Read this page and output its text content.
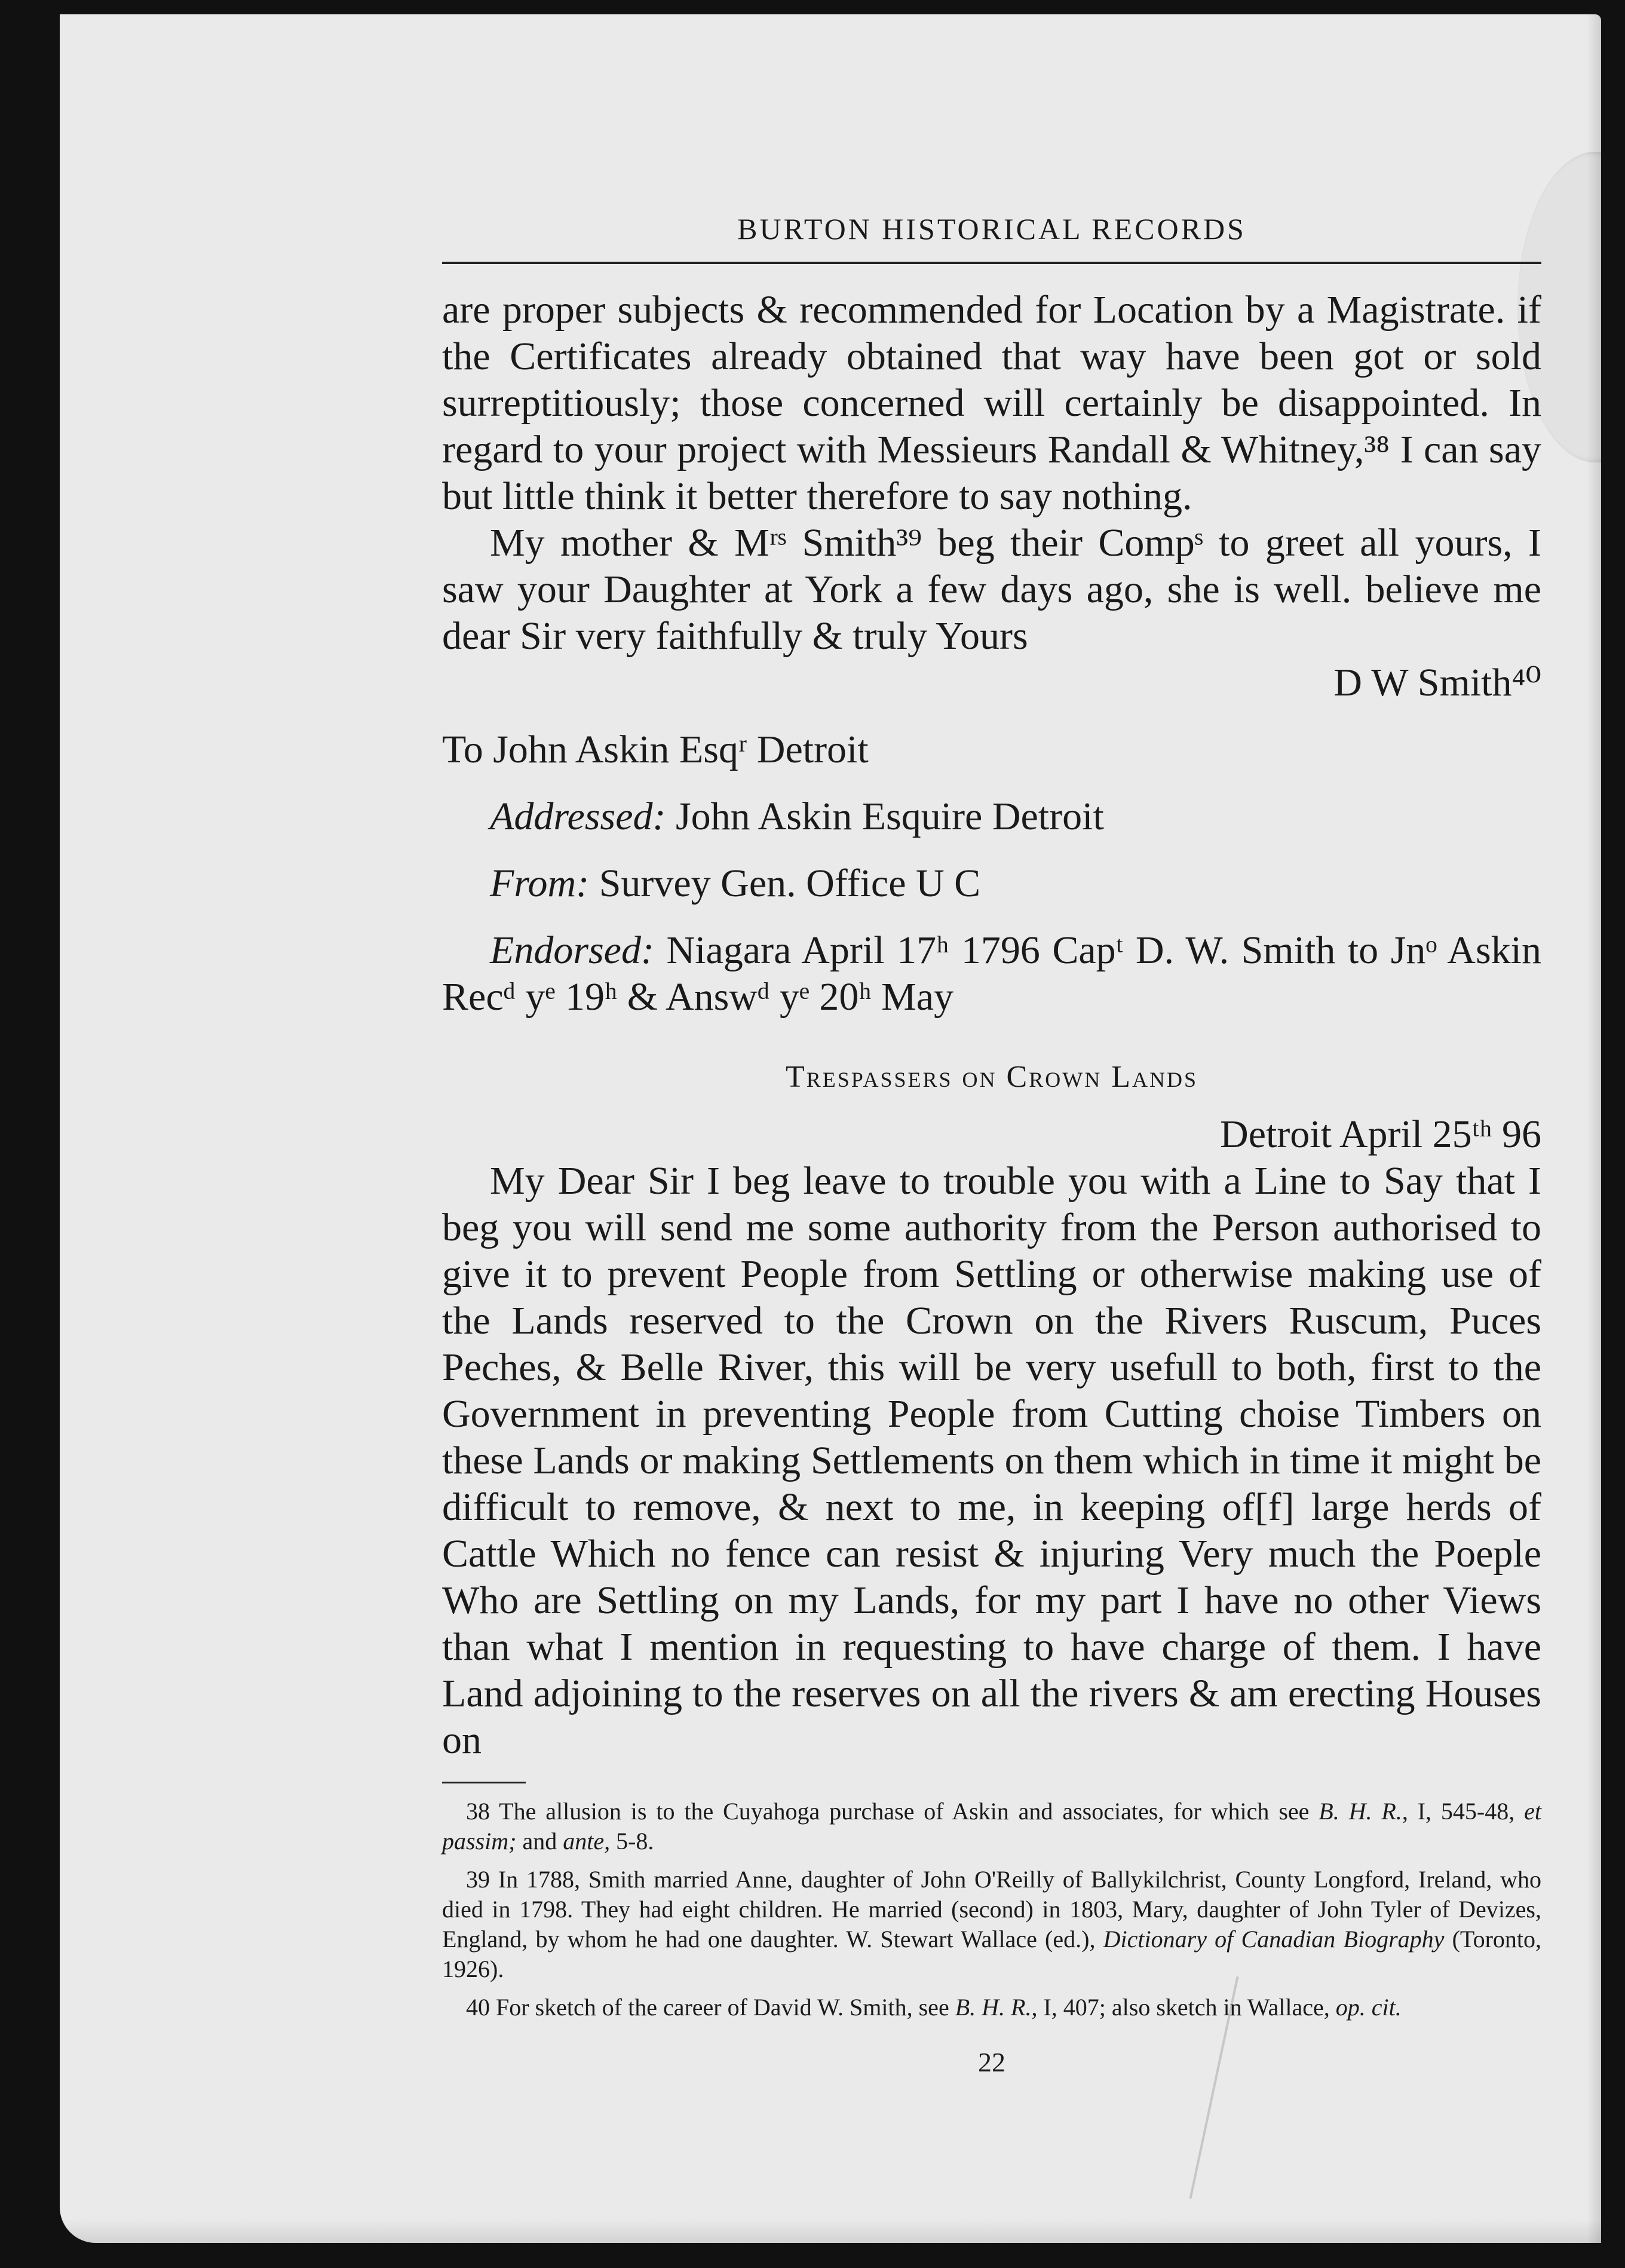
BURTON HISTORICAL RECORDS

are proper subjects & recommended for Location by a Magistrate. if the Certificates already obtained that way have been got or sold surreptitiously; those concerned will certainly be disappointed. In regard to your project with Messieurs Randall & Whitney,³⁸ I can say but little think it better therefore to say nothing.

My mother & Mʳˢ Smith³⁹ beg their Compˢ to greet all yours, I saw your Daughter at York a few days ago, she is well. believe me dear Sir very faithfully & truly Yours

D W Smith⁴⁰

To John Askin Esqʳ Detroit

Addressed: John Askin Esquire Detroit

From: Survey Gen. Office U C

Endorsed: Niagara April 17ʰ 1796 Capᵗ D. W. Smith to Jnᵒ Askin Recᵈ yᵉ 19ʰ & Answᵈ yᵉ 20ʰ May

Trespassers on Crown Lands

Detroit April 25ᵗʰ 96

My Dear Sir I beg leave to trouble you with a Line to Say that I beg you will send me some authority from the Person authorised to give it to prevent People from Settling or otherwise making use of the Lands reserved to the Crown on the Rivers Ruscum, Puces Peches, & Belle River, this will be very usefull to both, first to the Government in preventing People from Cutting choise Timbers on these Lands or making Settlements on them which in time it might be difficult to remove, & next to me, in keeping of[f] large herds of Cattle Which no fence can resist & injuring Very much the Poeple Who are Settling on my Lands, for my part I have no other Views than what I mention in requesting to have charge of them. I have Land adjoining to the reserves on all the rivers & am erecting Houses on

38 The allusion is to the Cuyahoga purchase of Askin and associates, for which see B. H. R., I, 545-48, et passim; and ante, 5-8.

39 In 1788, Smith married Anne, daughter of John O'Reilly of Ballykilchrist, County Longford, Ireland, who died in 1798. They had eight children. He married (second) in 1803, Mary, daughter of John Tyler of Devizes, England, by whom he had one daughter. W. Stewart Wallace (ed.), Dictionary of Canadian Biography (Toronto, 1926).

40 For sketch of the career of David W. Smith, see B. H. R., I, 407; also sketch in Wallace, op. cit.

22
